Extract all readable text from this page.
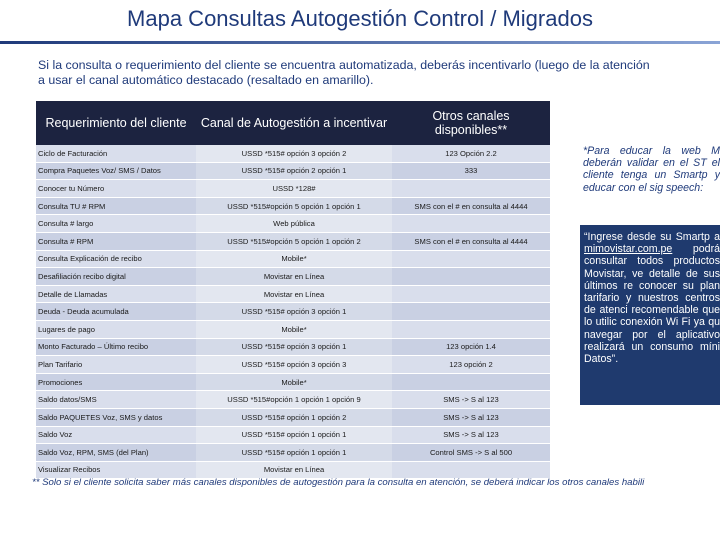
Mapa Consultas Autogestión Control / Migrados

Si la consulta o requerimiento del cliente se encuentra automatizada, deberás incentivarlo (luego de la atención

a usar el canal automático destacado (resaltado en amarillo).

Requerimiento del cliente	Canal de Autogestión a incentivar	Otros canales disponibles**
Ciclo de Facturación	USSD *515# opción 3 opción 2	123 Opción 2.2
Compra Paquetes Voz/ SMS / Datos	USSD *515# opción 2 opción 1	333
Conocer tu Número	USSD *128#	
Consulta TU # RPM	USSD *515#opción 5 opción 1 opción 1	SMS con el # en consulta al 4444
Consulta # largo	Web pública	
Consulta # RPM	USSD *515#opción 5 opción 1 opción 2	SMS con el # en consulta al 4444
Consulta Explicación de recibo	Mobile*	
Desafiliación recibo digital	Movistar en Línea	
Detalle de Llamadas	Movistar en Línea	
Deuda - Deuda acumulada	USSD *515# opción 3 opción 1	
Lugares de pago	Mobile*	
Monto Facturado – Último recibo	USSD *515# opción 3 opción 1	123 opción 1.4
Plan Tarifario	USSD *515# opción 3 opción 3	123 opción 2
Promociones	Mobile*	
Saldo datos/SMS	USSD *515#opción 1 opción 1 opción 9	SMS -> S al 123
Saldo PAQUETES Voz, SMS y datos	USSD *515# opción 1 opción 2	SMS -> S al 123
Saldo Voz	USSD *515# opción 1 opción 1	SMS -> S al 123
Saldo Voz, RPM, SMS (del Plan)	USSD *515# opción 1 opción 1	Control SMS -> S al 500
Visualizar Recibos	Movistar en Línea	
*Para educar la web M deberán validar en el ST el cliente tenga un Smartp y educar con el sig speech:
“Ingrese desde su Smartp a mimovistar.com.pe podrá consultar todos productos Movistar, ve detalle de sus últimos re conocer su plan tarifario y nuestros centros de atenci recomendable que lo utilic conexión Wi Fi ya qu navegar por el aplicativo realizará un consumo míni Datos”.
** Solo si el cliente solicita saber más canales disponibles de autogestión para la consulta en atención, se deberá indicar los otros canales habili
